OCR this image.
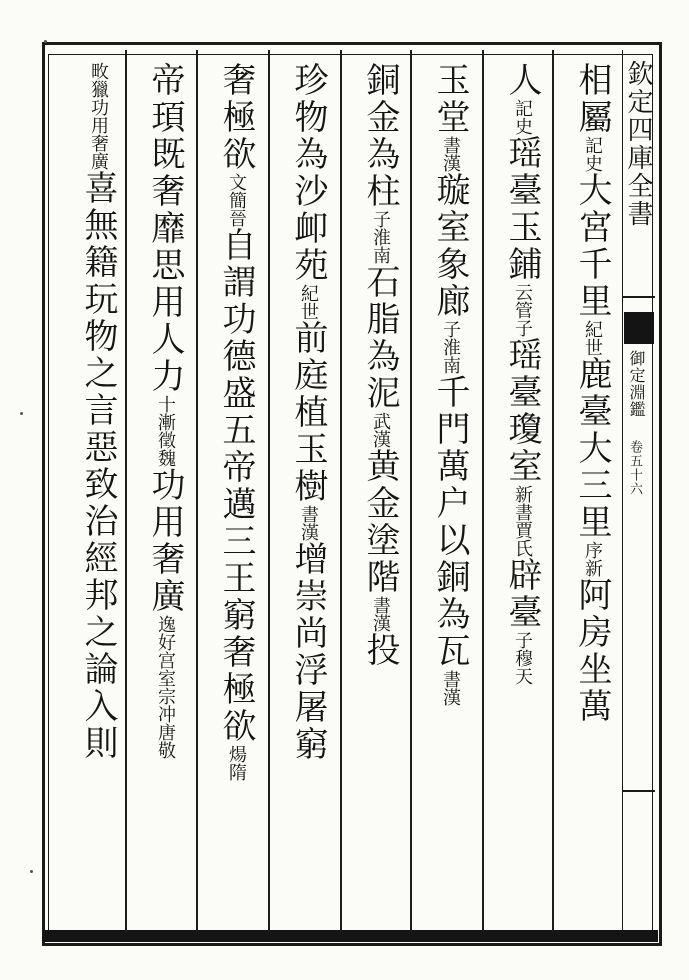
欽定四庫全書
御定淵鑑
卷五十六
相屬記史大宮千里紀世鹿臺大三里序新阿房坐萬
人記史瑶臺玉鋪云管子瑶臺瓊室新書賈氏辟臺子穆天
玉堂書漢璇室象廊子淮南千門萬户以銅為瓦書漢
銅金為柱子淮南石脂為泥武漢黄金塗階書漢投
珍物為沙卹苑紀世前庭植玉樹書漢增崇尚浮屠窮
奢極欲文簡晉自謂功德盛五帝邁三王窮奢極欲煬隋
帝頊既奢靡思用人力十漸徵魏功用奢廣逸好宫室宗冲唐敬
畋獵功用奢廣喜無籍玩物之言惡致治經邦之論入則
